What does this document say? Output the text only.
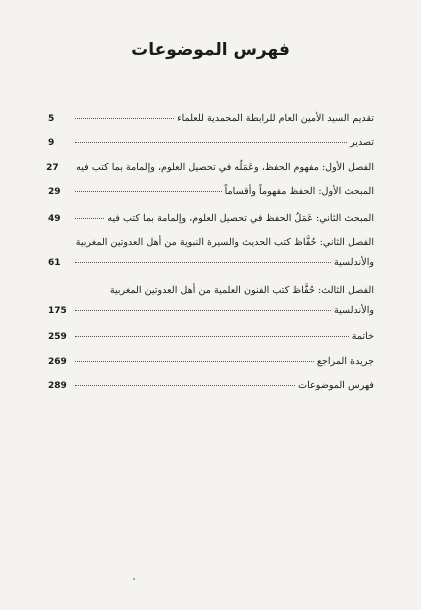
فهرس الموضوعات
تقديم السيد الأمين العام للرابطة المحمدية للعلماء
5
تصدير
9
الفصل الأول: مفهوم الحفظ، وعَمَلُه في تحصيل العلوم، وإلمامة بما كتب فيه
27
المبحث الأول: الحفظ مفهوماً وأقساماً
29
المبحث الثاني: عَمَلُ الحفظ في تحصيل العلوم، وإلمامة بما كتب فيه
49
الفصل الثاني: حُفَّاظ كتب الحديث والسيرة النبوية من أهل العدوتين المغربية
والأندلسية
61
الفصل الثالث: حُفَّاظ كتب الفنون العلمية من أهل العدوتين المغربية
والأندلسية
175
خاتمة
259
جريدة المراجع
269
فهرس الموضوعات
289
